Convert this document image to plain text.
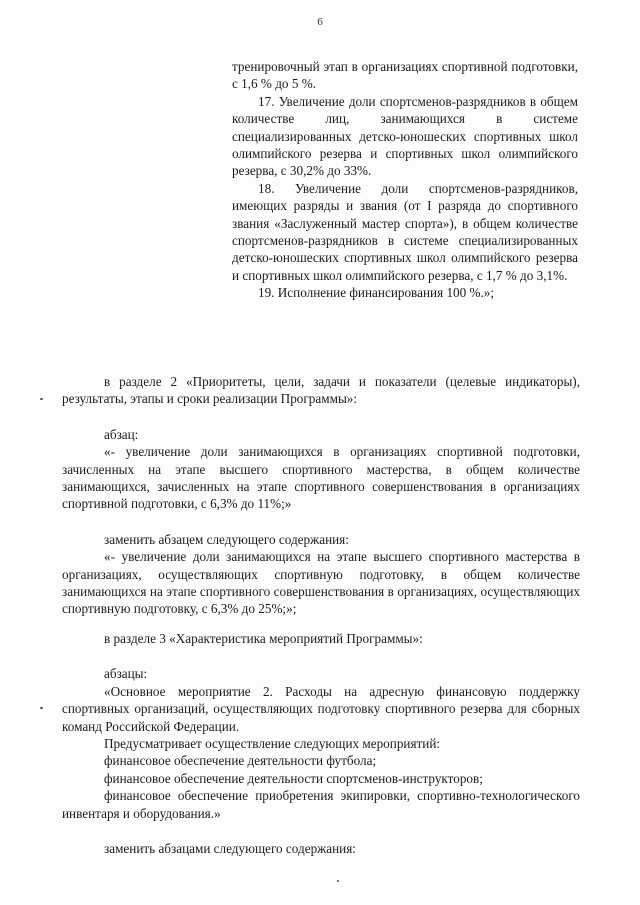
6

тренировочный этап в организациях спортивной подготовки, с 1,6 % до 5 %.

17. Увеличение доли спортсменов-разрядников в общем количестве лиц, занимающихся в системе специализированных детско-юношеских спортивных школ олимпийского резерва и спортивных школ олимпийского резерва, с 30,2% до 33%.

18. Увеличение доли спортсменов-разрядников, имеющих разряды и звания (от I разряда до спортивного звания «Заслуженный мастер спорта»), в общем количестве спортсменов-разрядников в системе специализированных детско-юношеских спортивных школ олимпийского резерва и спортивных школ олимпийского резерва, с 1,7 % до 3,1%.

19. Исполнение финансирования 100 %.»;

в разделе 2 «Приоритеты, цели, задачи и показатели (целевые индикаторы), результаты, этапы и сроки реализации Программы»:

абзац:

«- увеличение доли занимающихся в организациях спортивной подготовки, зачисленных на этапе высшего спортивного мастерства, в общем количестве занимающихся, зачисленных на этапе спортивного совершенствования в организациях спортивной подготовки, с 6,3% до 11%;»

заменить абзацем следующего содержания:

«- увеличение доли занимающихся на этапе высшего спортивного мастерства в организациях, осуществляющих спортивную подготовку, в общем количестве занимающихся на этапе спортивного совершенствования в организациях, осуществляющих спортивную подготовку, с 6,3% до 25%;»;

в разделе 3 «Характеристика мероприятий Программы»:

абзацы:

«Основное мероприятие 2. Расходы на адресную финансовую поддержку спортивных организаций, осуществляющих подготовку спортивного резерва для сборных команд Российской Федерации.

Предусматривает осуществление следующих мероприятий:

финансовое обеспечение деятельности футбола;

финансовое обеспечение деятельности спортсменов-инструкторов;

финансовое обеспечение приобретения экипировки, спортивно-технологического инвентаря и оборудования.»

заменить абзацами следующего содержания:
